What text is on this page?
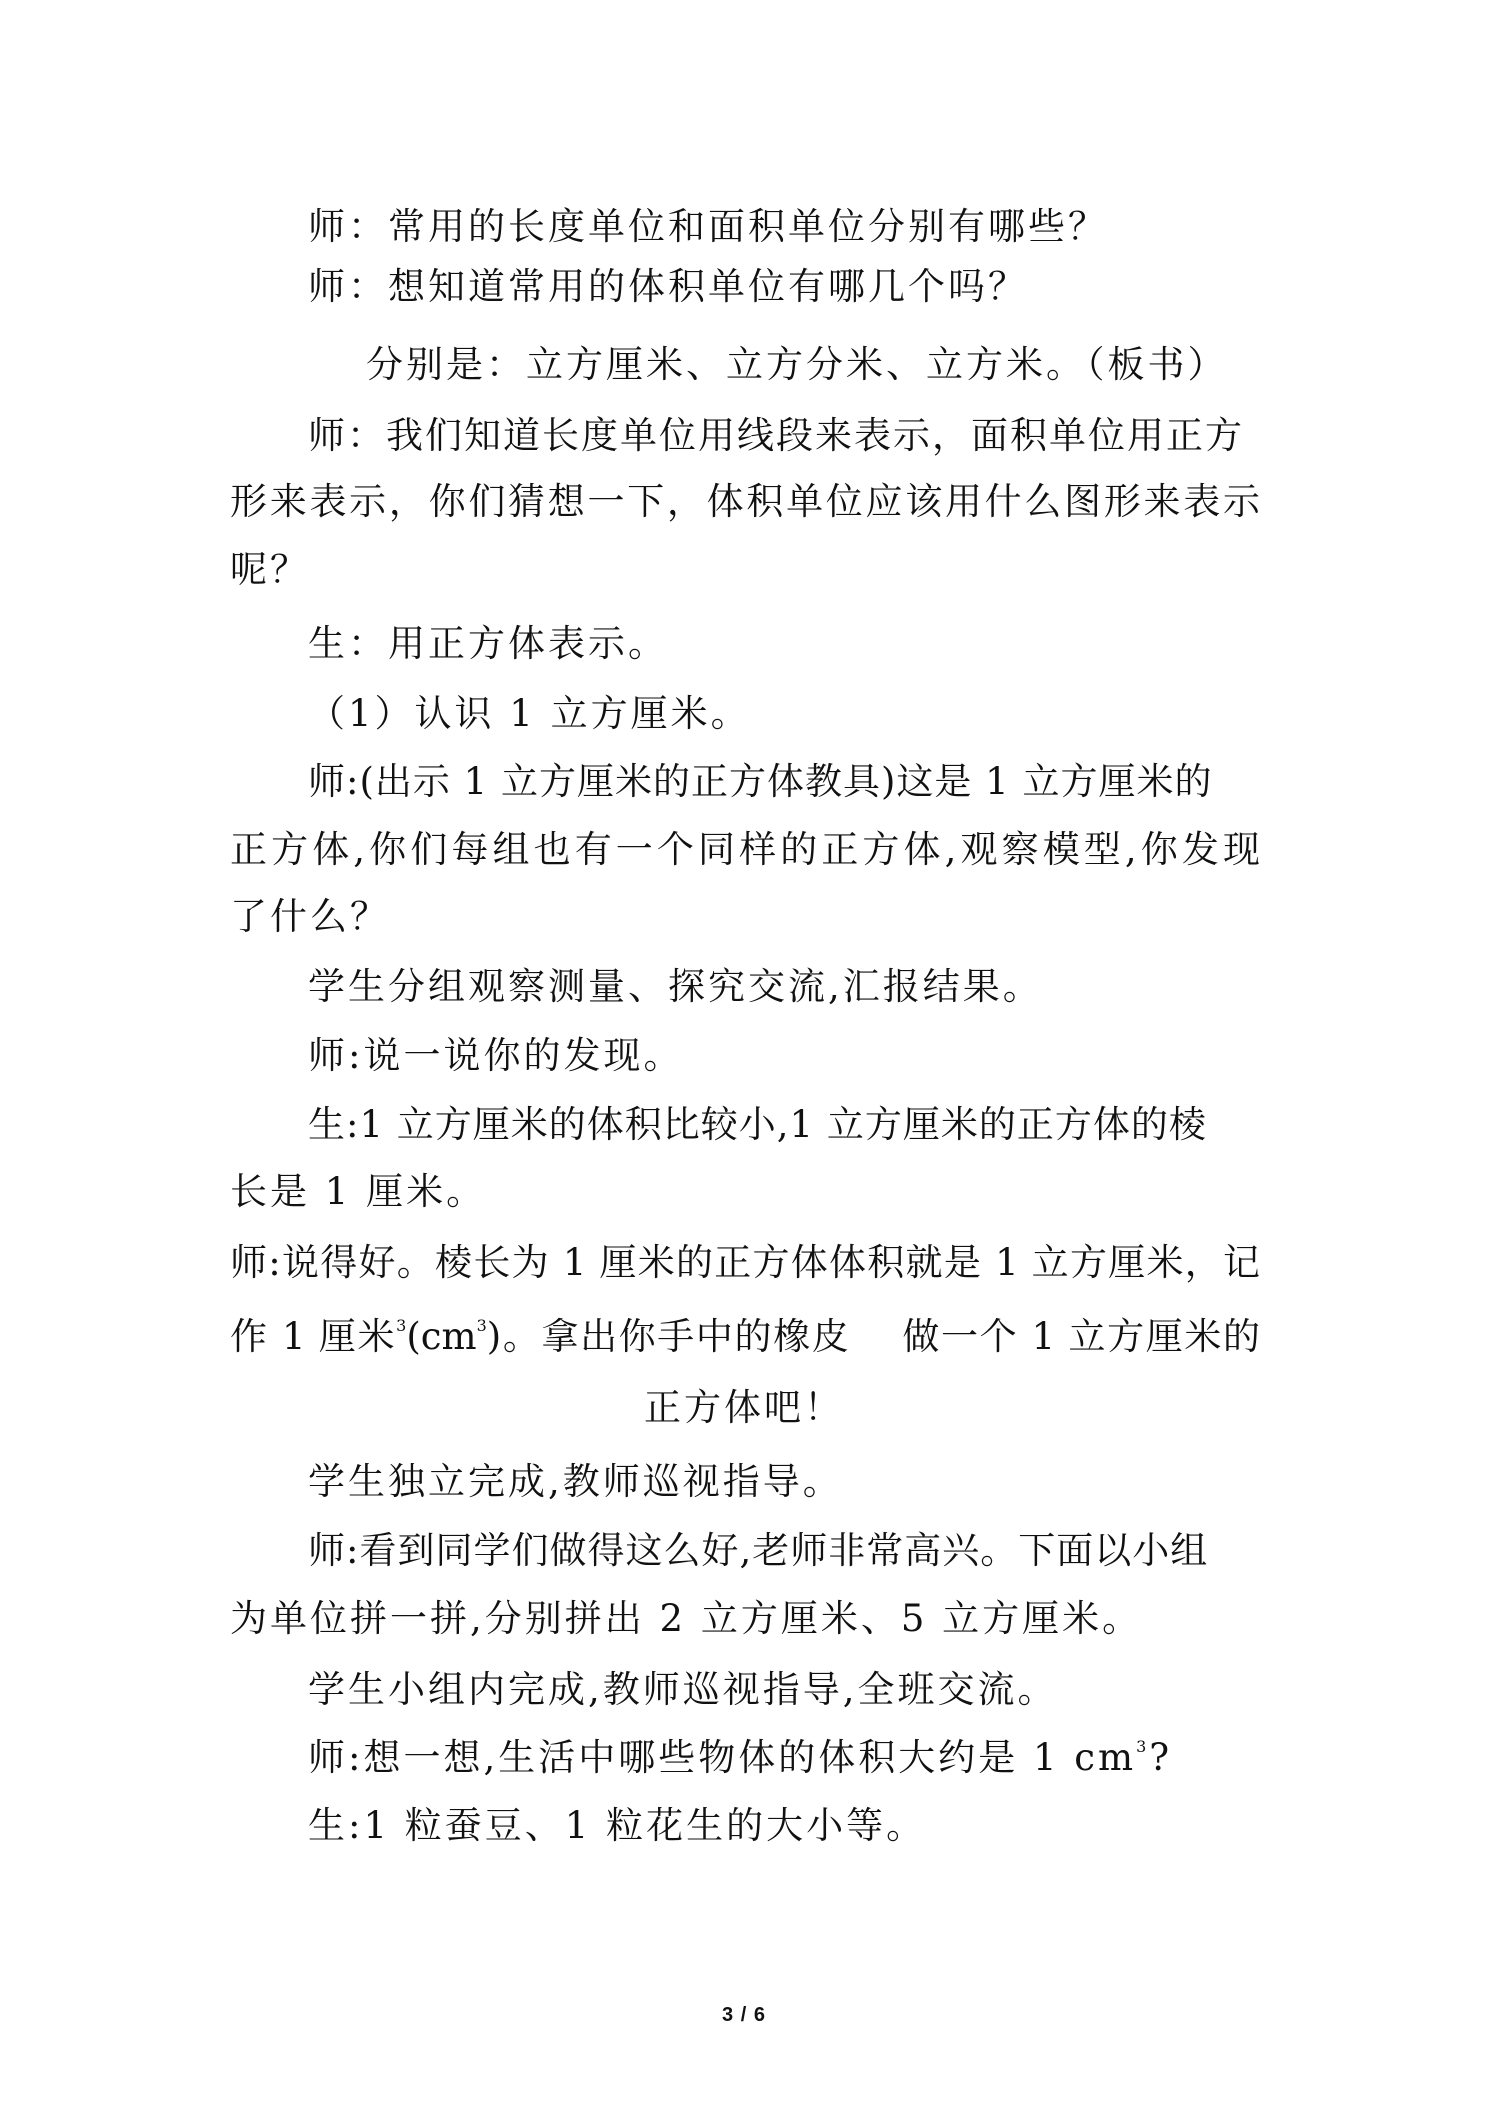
师：常用的长度单位和面积单位分别有哪些？
师：想知道常用的体积单位有哪几个吗？
分别是：立方厘米、立方分米、立方米。（板书）
师：我们知道长度单位用线段来表示，面积单位用正方
形来表示，你们猜想一下，体积单位应该用什么图形来表示
呢？
生：用正方体表示。
（1）认识 1 立方厘米。
师:(出示 1 立方厘米的正方体教具)这是 1 立方厘米的
正方体,你们每组也有一个同样的正方体,观察模型,你发现
了什么？
学生分组观察测量、探究交流,汇报结果。
师:说一说你的发现。
生:1 立方厘米的体积比较小,1 立方厘米的正方体的棱
长是 1 厘米。
师:说得好。棱长为 1 厘米的正方体体积就是 1 立方厘米，记
作 1 厘米$^3(cm^3)$。拿出你手中的橡皮　 做一个 1 立方厘米的
正方体吧！
学生独立完成,教师巡视指导。
师:看到同学们做得这么好,老师非常高兴。下面以小组
为单位拼一拼,分别拼出 2 立方厘米、5 立方厘米。
学生小组内完成,教师巡视指导,全班交流。
师:想一想,生活中哪些物体的体积大约是 1 $cm^3$?
生:1 粒蚕豆、1 粒花生的大小等。
3 / 6
